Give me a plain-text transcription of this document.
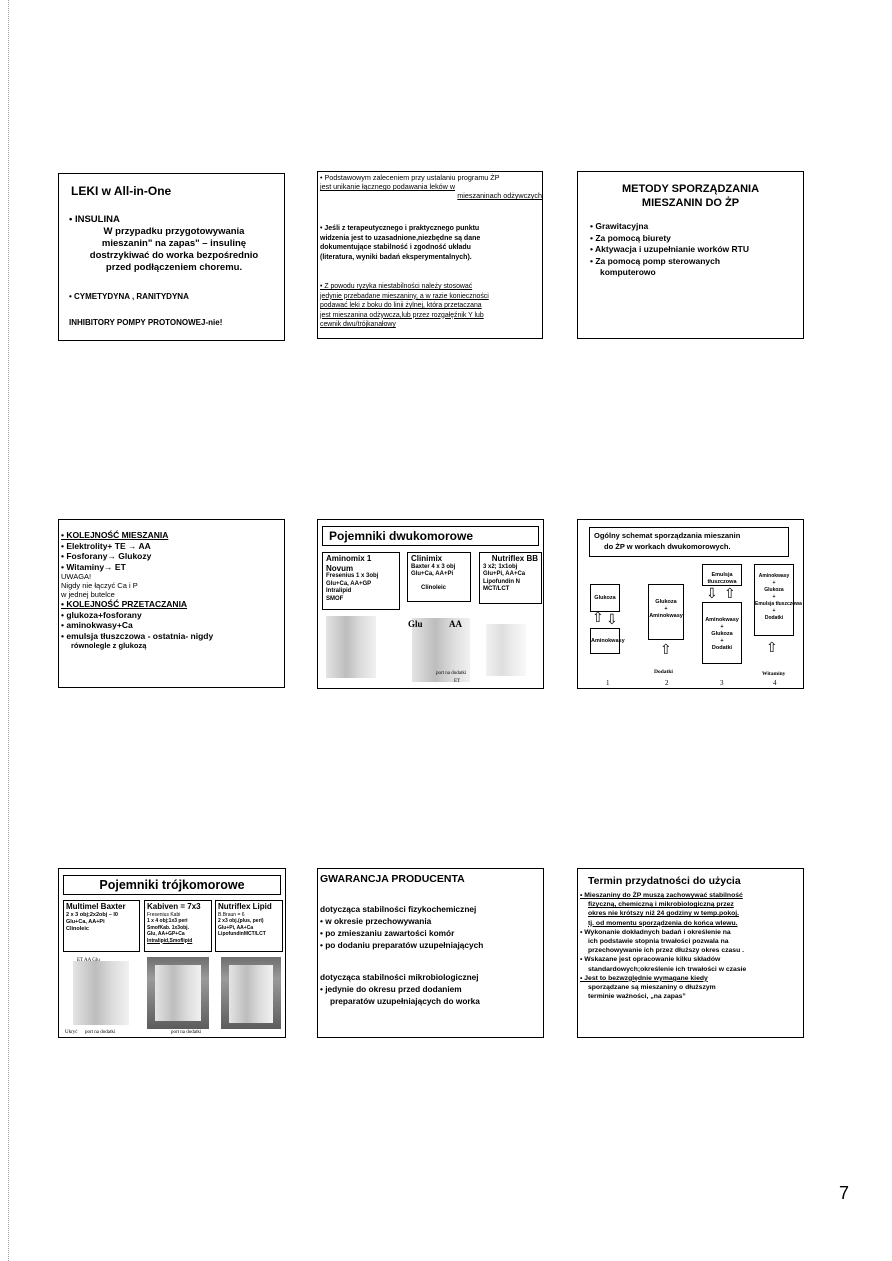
LEKI w All-in-One
• INSULINA
W przypadku przygotowywania
mieszanin" na zapas" – insulinę
dostrzykiwać do worka bezpośrednio
przed podłączeniem choremu.
• CYMETYDYNA , RANITYDYNA
INHIBITORY POMPY PROTONOWEJ-nie!
• Podstawowym zaleceniem przy ustalaniu programu ŻP
jest unikanie łącznego podawania leków w
mieszaninach odżywczych
• Jeśli z terapeutycznego i praktycznego punktu
widzenia jest to uzasadnione,niezbędne są dane
dokumentujące stabilność i zgodność układu
(literatura, wyniki badań eksperymentalnych).
• Z powodu ryzyka niestabilności należy stosować
jedynie przebadane mieszaniny, a w razie konieczności
podawać leki z boku do linii żylnej, która przetaczana
jest mieszanina odżywcza,lub przez rozgałęźnik Y lub
cewnik dwu/trójkanałowy
METODY SPORZĄDZANIA
MIESZANIN DO ŻP
• Grawitacyjna
• Za pomocą biurety
• Aktywacja i uzupełnianie worków RTU
• Za pomocą pomp sterowanych
komputerowo
• KOLEJNOŚĆ MIESZANIA
• Elektrolity+ TE → AA
• Fosforany→ Glukozy
• Witaminy→ ET
UWAGA!
Nigdy nie łączyć Ca i P
w jednej butelce
• KOLEJNOŚĆ PRZETACZANIA
• glukoza+fosforany
• aminokwasy+Ca
• emulsja tłuszczowa - ostatnia- nigdy
równolegle z glukozą
Pojemniki dwukomorowe
Aminomix 1
Novum
Fresenius 1 x 3obj
Glu+Ca, AA+GP
Intralipid
SMOF
Clinimix
Baxter 4 x 3 obj
Glu+Ca, AA+Pi
Clinoleic
Nutriflex BB
3 x2; 1x1obj
Glu+Pi, AA+Ca
Lipofundin N
MCT/LCT
Glu	AA
port na dodatki
ET
Ogólny schemat sporządzania mieszanin
do ŻP w workach dwukomorowych.
Glukoza
Aminokwasy
⇧ ⇩
Glukoza
+
Aminokwasy
⇧
Dodatki
Emulsja tłuszczowa
⇩ ⇧
Aminokwasy
+
Glukoza
+
Dodatki
Aminokwasy
+
Glukoza
+
Emulsja tłuszczowa
+
Dodatki
⇧
Witaminy
1	2	3	4
Pojemniki trójkomorowe
Multimel Baxter
2 x 3 obj;2x2obj – l0
Glu+Ca, AA+Pi
Clinoleic
Kabiven = 7x3
Fresenius Kabi
1 x 4 obj;1x3 peri
SmofKab. 1x3obj.
Glu, AA+GP+Ca
Intralipid,Smoflipid
Nutriflex Lipid
B.Braun = 6
2 x3 obj.(plus, peri)
Glu+Pi, AA+Ca
LipofundinMCT/LCT
ET AA Glu
Ukryć port na dodatki	port na dodatki
GWARANCJA PRODUCENTA
dotycząca stabilności fizykochemicznej
• w okresie przechowywania
• po zmieszaniu zawartości komór
• po dodaniu preparatów uzupełniających
dotycząca stabilności mikrobiologicznej
• jedynie do okresu przed dodaniem
preparatów uzupełniających do worka
Termin przydatności do użycia
• Mieszaniny do ŻP muszą zachowywać stabilność
fizyczną, chemiczną i mikrobiologiczną przez
okres nie krótszy niż 24 godziny w temp.pokoj.
tj. od momentu sporządzenia do końca wlewu.
• Wykonanie dokładnych badań i określenie na
ich podstawie stopnia trwałości pozwala na
przechowywanie ich przez dłuższy okres czasu .
• Wskazane jest opracowanie kilku składów
standardowych;określenie ich trwałości w czasie
• Jest to bezwzględnie wymagane kiedy
sporządzane są mieszaniny o dłuższym
terminie ważności, „na zapas”
7
